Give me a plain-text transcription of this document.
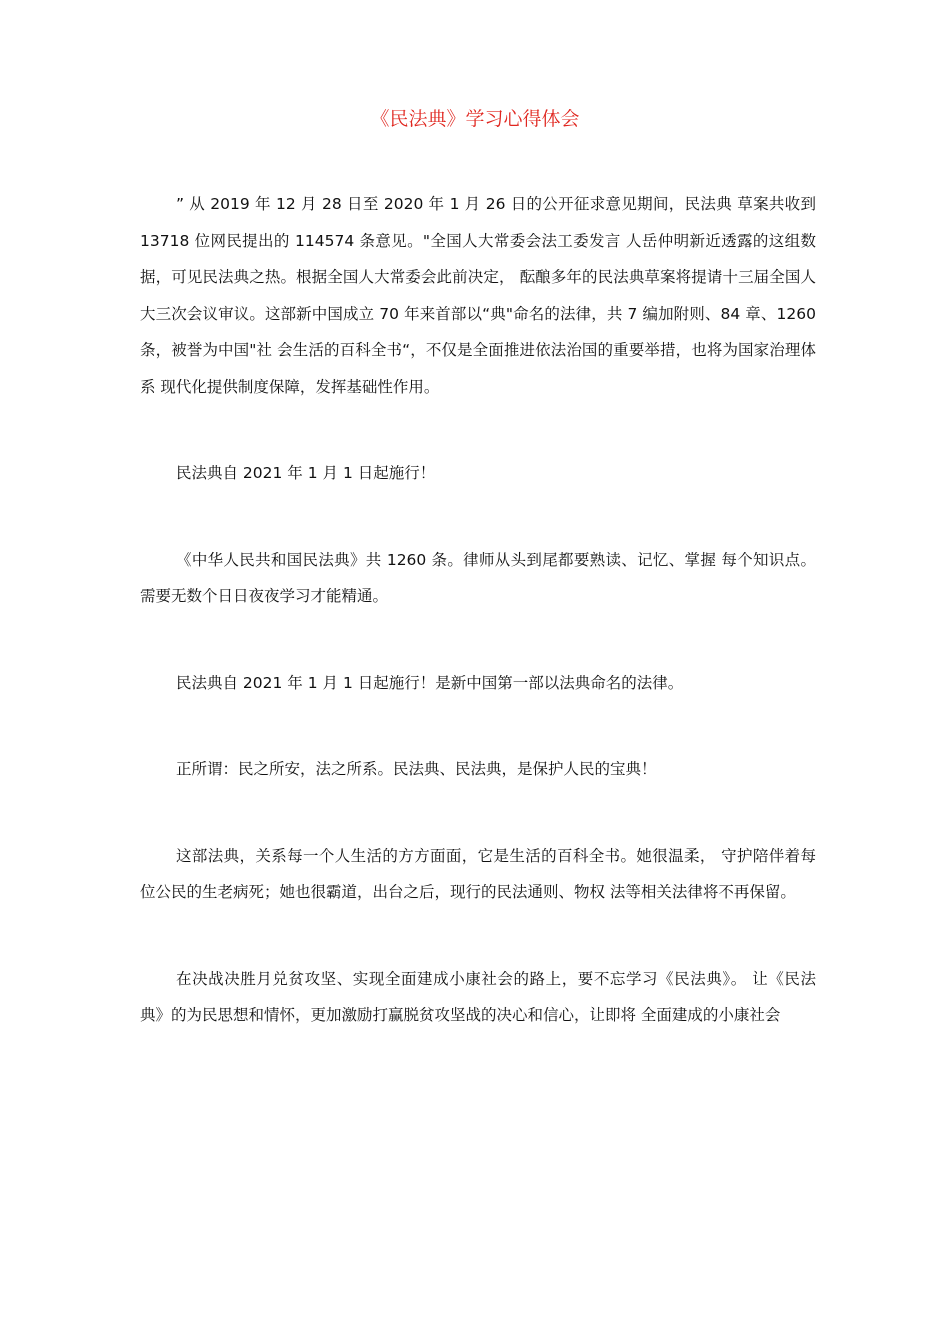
《民法典》学习心得体会

” 从 2019 年 12 月 28 日至 2020 年 1 月 26 日的公开征求意见期间，民法典 草案共收到 13718 位网民提出的 114574 条意见。"全国人大常委会法工委发言 人岳仲明新近透露的这组数据，可见民法典之热。根据全国人大常委会此前决定， 酝酿多年的民法典草案将提请十三届全国人大三次会议审议。这部新中国成立 70 年来首部以“典"命名的法律，共 7 编加附则、84 章、1260 条，被誉为中国"社 会生活的百科全书“，不仅是全面推进依法治国的重要举措，也将为国家治理体系 现代化提供制度保障，发挥基础性作用。

民法典自 2021 年 1 月 1 日起施行！

《中华人民共和国民法典》共 1260 条。律师从头到尾都要熟读、记忆、掌握 每个知识点。需要无数个日日夜夜学习才能精通。

民法典自 2021 年 1 月 1 日起施行！是新中国第一部以法典命名的法律。

正所谓：民之所安，法之所系。民法典、民法典，是保护人民的宝典！

这部法典，关系每一个人生活的方方面面，它是生活的百科全书。她很温柔， 守护陪伴着每位公民的生老病死；她也很霸道，出台之后，现行的民法通则、物权 法等相关法律将不再保留。

在决战决胜月兑贫攻坚、实现全面建成小康社会的路上，要不忘学习《民法典》。 让《民法典》的为民思想和情怀，更加激励打赢脱贫攻坚战的决心和信心，让即将 全面建成的小康社会
